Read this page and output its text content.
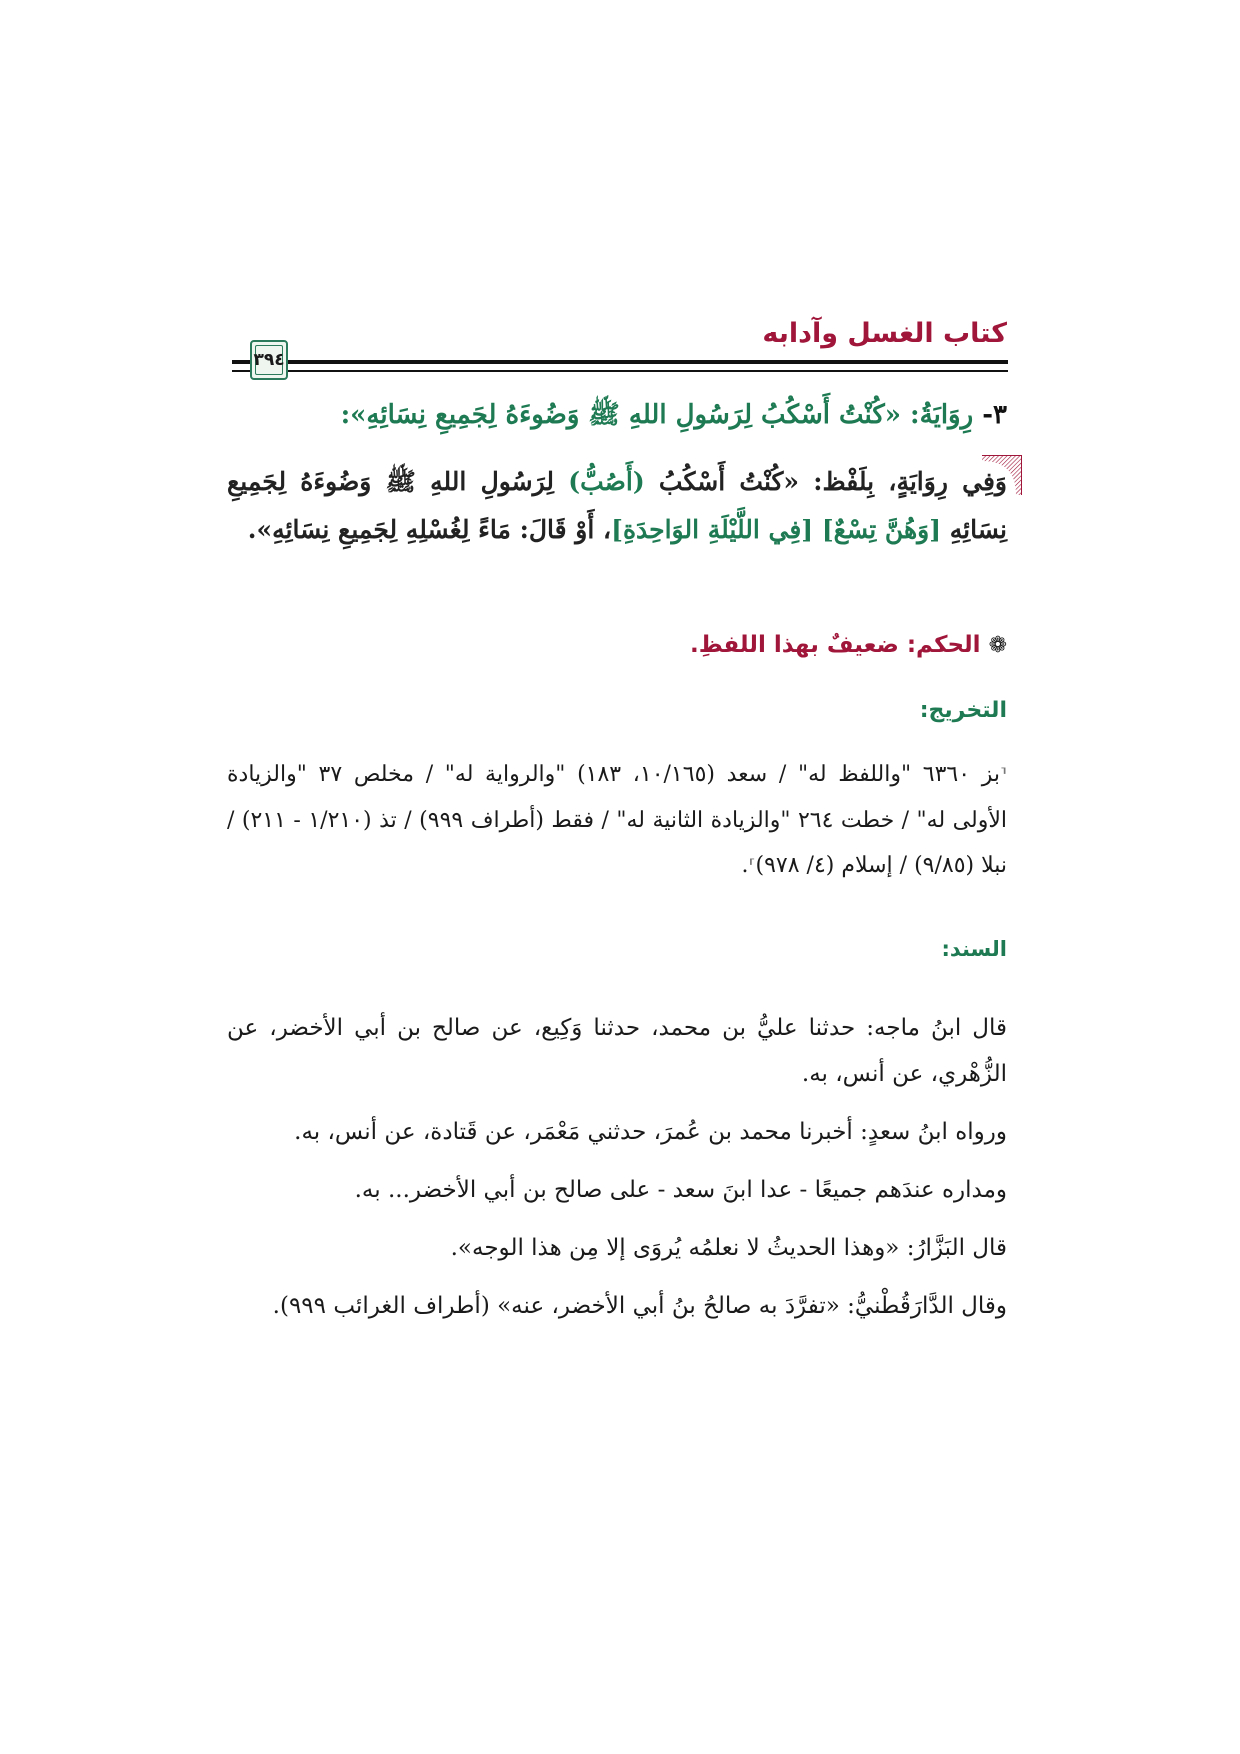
كتاب الغسل وآدابه
٣٩٤
٣- رِوَايَةُ: «كُنْتُ أَسْكُبُ لِرَسُولِ اللهِ ﷺ وَضُوءَهُ لِجَمِيعِ نِسَائِهِ»:
وَفِي رِوَايَةٍ، بِلَفْظ: «كُنْتُ أَسْكُبُ (أَصُبُّ) لِرَسُولِ اللهِ ﷺ وَضُوءَهُ لِجَمِيعِ نِسَائِهِ [وَهُنَّ تِسْعٌ] [فِي اللَّيْلَةِ الوَاحِدَةِ]، أَوْ قَالَ: مَاءً لِغُسْلِهِ لِجَمِيعِ نِسَائِهِ».
❁الحكم: ضعيفٌ بهذا اللفظِ.
التخريج:
⸢بز ٦٣٦٠ "واللفظ له" / سعد (١٠/١٦٥، ١٨٣) "والرواية له" / مخلص ٣٧ "والزيادة الأولى له" / خطت ٢٦٤ "والزيادة الثانية له" / فقط (أطراف ٩٩٩) / تذ (١/٢١٠ - ٢١١) / نبلا (٩/٨٥) / إسلام (٤/ ٩٧٨)⸣.
السند:
قال ابنُ ماجه: حدثنا عليُّ بن محمد، حدثنا وَكِيع، عن صالح بن أبي الأخضر، عن الزُّهْري، عن أنس، به.
ورواه ابنُ سعدٍ: أخبرنا محمد بن عُمرَ، حدثني مَعْمَر، عن قَتادة، عن أنس، به.
ومداره عندَهم جميعًا - عدا ابنَ سعد - على صالح بن أبي الأخضر... به.
قال البَزَّارُ: «وهذا الحديثُ لا نعلمُه يُروَى إلا مِن هذا الوجه».
وقال الدَّارَقُطْنيُّ: «تفرَّدَ به صالحُ بنُ أبي الأخضر، عنه» (أطراف الغرائب ٩٩٩).
